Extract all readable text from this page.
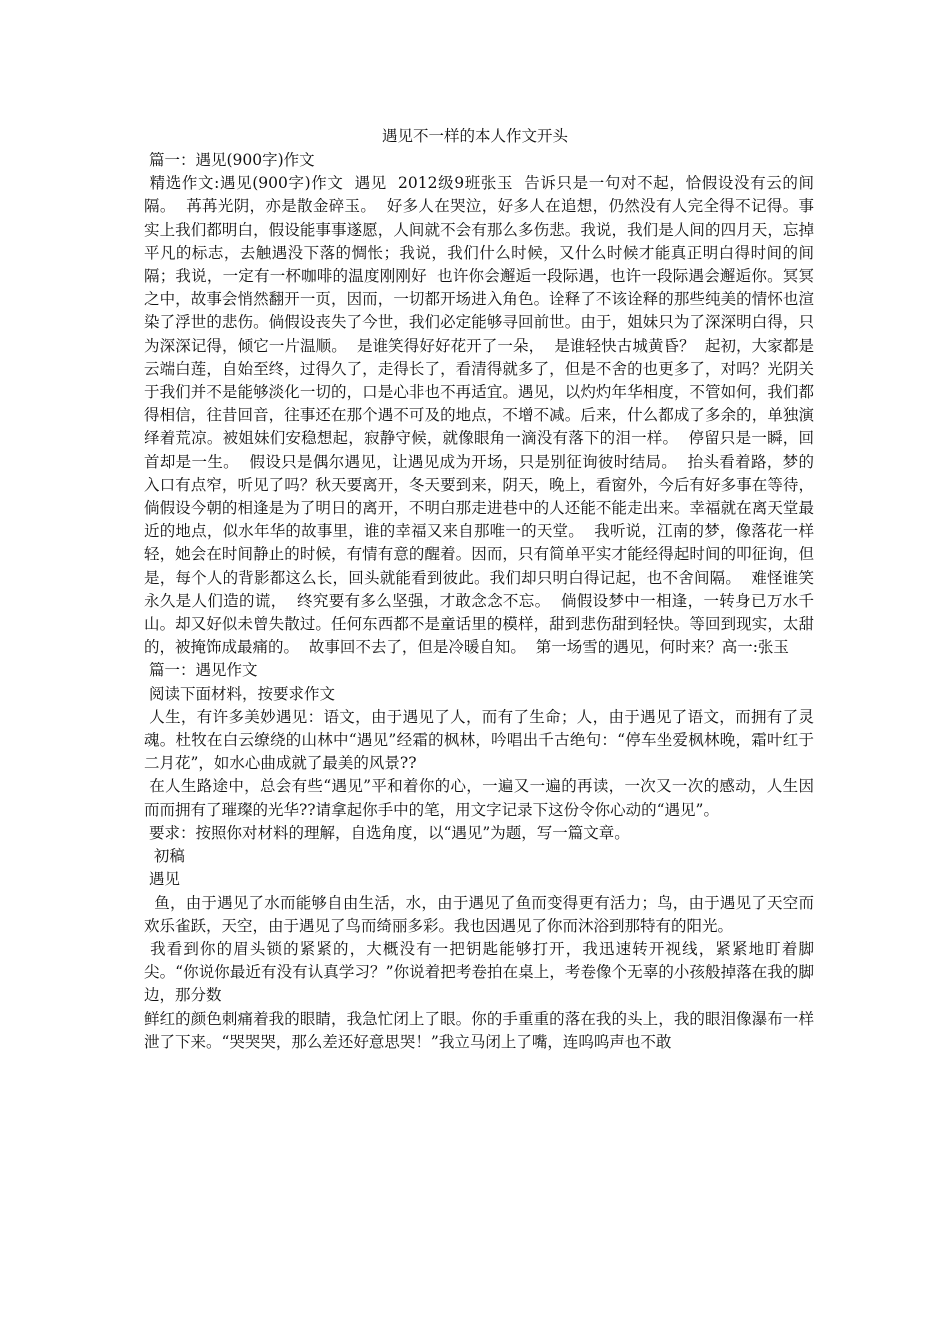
遇见不一样的本人作文开头

篇一：遇见(900字)作文

精选作文:遇见(900字)作文  遇见  2012级9班张玉  告诉只是一句对不起，恰假设没有云的间隔。  苒苒光阴，亦是散金碎玉。  好多人在哭泣，好多人在追想，仍然没有人完全得不记得。事实上我们都明白，假设能事事遂愿，人间就不会有那么多伤悲。我说，我们是人间的四月天，忘掉平凡的标志，去触遇没下落的惆怅；我说，我们什么时候，又什么时候才能真正明白得时间的间隔；我说，一定有一杯咖啡的温度刚刚好  也许你会邂逅一段际遇，也许一段际遇会邂逅你。冥冥之中，故事会悄然翻开一页，因而，一切都开场进入角色。诠释了不该诠释的那些纯美的情怀也渲染了浮世的悲伤。倘假设丧失了今世，我们必定能够寻回前世。由于，姐妹只为了深深明白得，只为深深记得，倾它一片温顺。  是谁笑得好好花开了一朵，  是谁轻快古城黄昏？  起初，大家都是云端白莲，自始至终，过得久了，走得长了，看清得就多了，但是不舍的也更多了，对吗？光阴关于我们并不是能够淡化一切的，口是心非也不再适宜。遇见，以灼灼年华相度，不管如何，我们都得相信，往昔回音，往事还在那个遇不可及的地点，不增不减。后来，什么都成了多余的，单独演绎着荒凉。被姐妹们安稳想起，寂静守候，就像眼角一滴没有落下的泪一样。  停留只是一瞬，回首却是一生。  假设只是偶尔遇见，让遇见成为开场，只是别征询彼时结局。  抬头看着路，梦的入口有点窄，听见了吗？秋天要离开，冬天要到来，阴天，晚上，看窗外，今后有好多事在等待，倘假设今朝的相逢是为了明日的离开，不明白那走进巷中的人还能不能走出来。幸福就在离天堂最近的地点，似水年华的故事里，谁的幸福又来自那唯一的天堂。  我听说，江南的梦，像落花一样轻，她会在时间静止的时候，有情有意的醒着。因而，只有简单平实才能经得起时间的叩征询，但是，每个人的背影都这么长，回头就能看到彼此。我们却只明白得记起，也不舍间隔。  难怪谁笑永久是人们造的谎，  终究要有多么坚强，才敢念念不忘。  倘假设梦中一相逢，一转身已万水千山。却又好似未曾失散过。任何东西都不是童话里的模样，甜到悲伤甜到轻快。等回到现实，太甜的，被掩饰成最痛的。  故事回不去了，但是冷暖自知。  第一场雪的遇见，何时来？高一:张玉

篇一：遇见作文

阅读下面材料，按要求作文

人生，有许多美妙遇见：语文，由于遇见了人，而有了生命；人，由于遇见了语文，而拥有了灵魂。杜牧在白云缭绕的山林中“遇见”经霜的枫林，吟唱出千古绝句：“停车坐爱枫林晚，霜叶红于二月花”，如水心曲成就了最美的风景??

在人生路途中，总会有些“遇见”平和着你的心，一遍又一遍的再读，一次又一次的感动，人生因而而拥有了璀璨的光华??请拿起你手中的笔，用文字记录下这份令你心动的“遇见”。

要求：按照你对材料的理解，自选角度，以“遇见”为题，写一篇文章。

初稿

遇见

鱼，由于遇见了水而能够自由生活，水，由于遇见了鱼而变得更有活力；鸟，由于遇见了天空而欢乐雀跃，天空，由于遇见了鸟而绮丽多彩。我也因遇见了你而沐浴到那特有的阳光。

我看到你的眉头锁的紧紧的，大概没有一把钥匙能够打开，我迅速转开视线，紧紧地盯着脚尖。“你说你最近有没有认真学习？”你说着把考卷拍在桌上，考卷像个无辜的小孩般掉落在我的脚边，那分数

鲜红的颜色刺痛着我的眼睛，我急忙闭上了眼。你的手重重的落在我的头上，我的眼泪像瀑布一样泄了下来。“哭哭哭，那么差还好意思哭！”我立马闭上了嘴，连呜呜声也不敢
